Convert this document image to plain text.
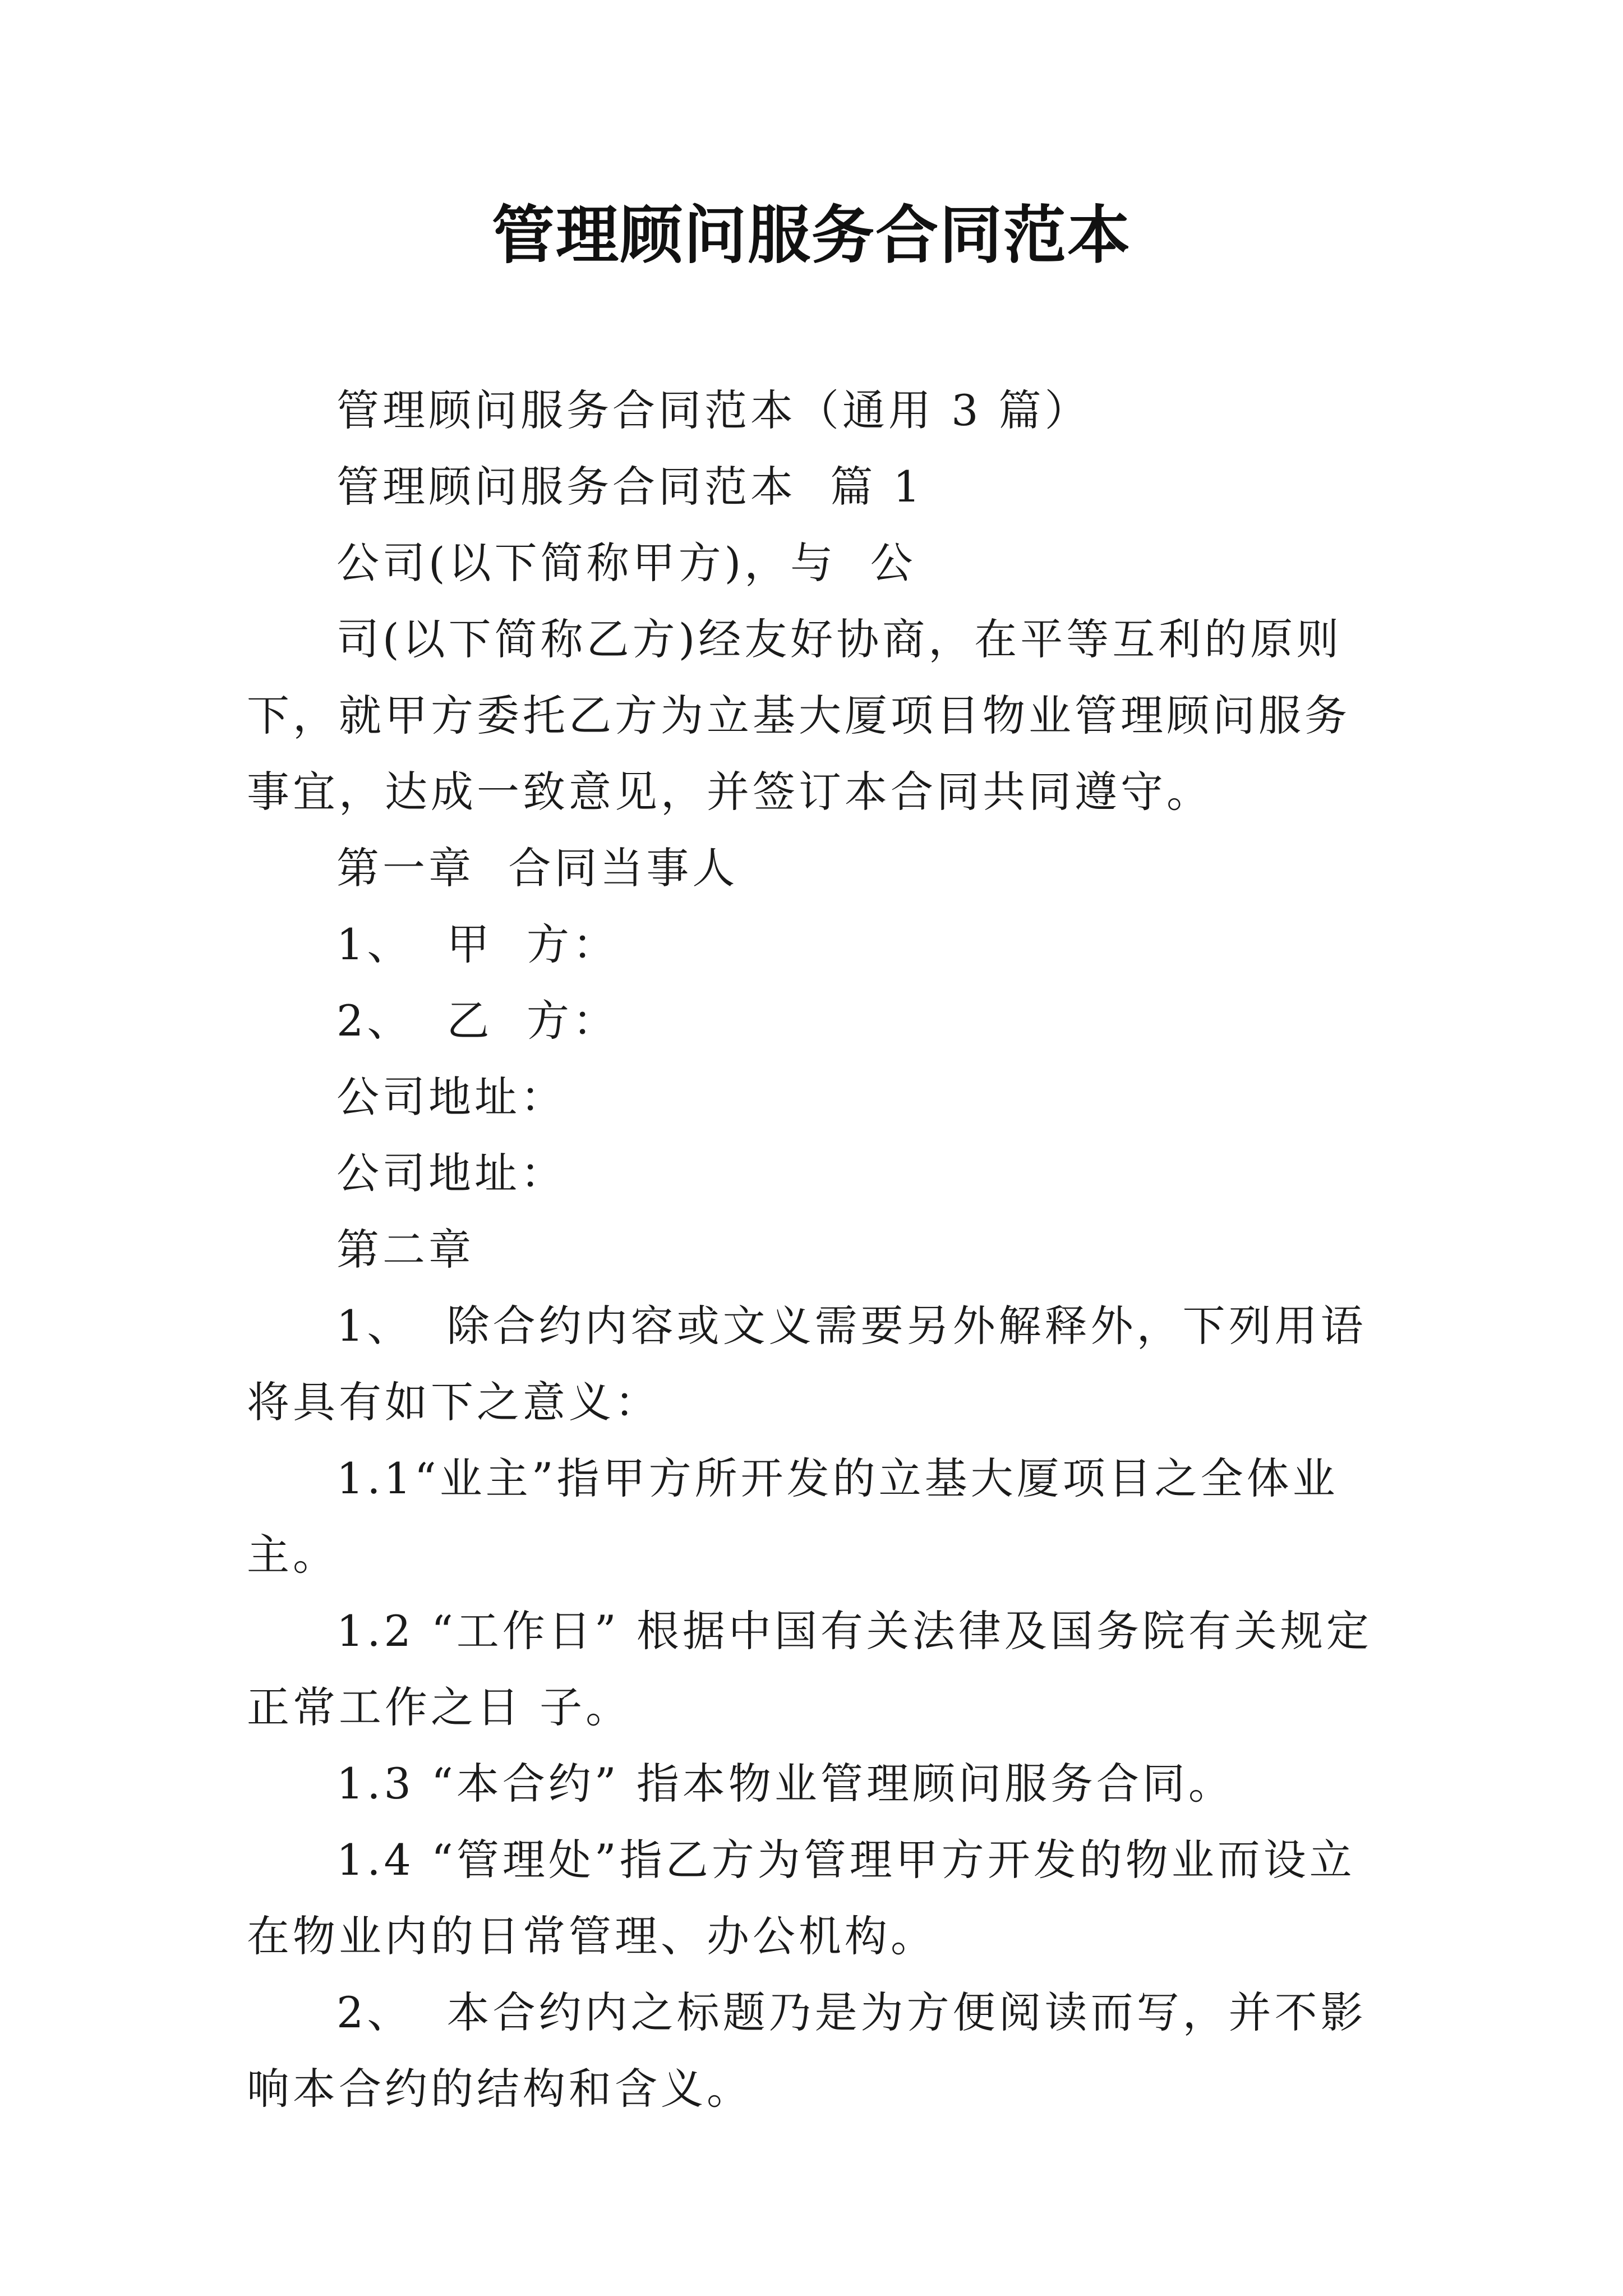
管理顾问服务合同范本

管理顾问服务合同范本（通用 3 篇）

管理顾问服务合同范本  篇 1

公司(以下简称甲方)，与  公

司(以下简称乙方)经友好协商，在平等互利的原则下，就甲方委托乙方为立基大厦项目物业管理顾问服务事宜，达成一致意见，并签订本合同共同遵守。

第一章  合同当事人

1、  甲  方：

2、  乙  方：

公司地址：

公司地址：

第二章

1、  除合约内容或文义需要另外解释外，下列用语将具有如下之意义：

1.1“业主”指甲方所开发的立基大厦项目之全体业主。

1.2 “工作日” 根据中国有关法律及国务院有关规定正常工作之日 子。

1.3 “本合约” 指本物业管理顾问服务合同。

1.4 “管理处”指乙方为管理甲方开发的物业而设立在物业内的日常管理、办公机构。

2、  本合约内之标题乃是为方便阅读而写，并不影响本合约的结构和含义。
